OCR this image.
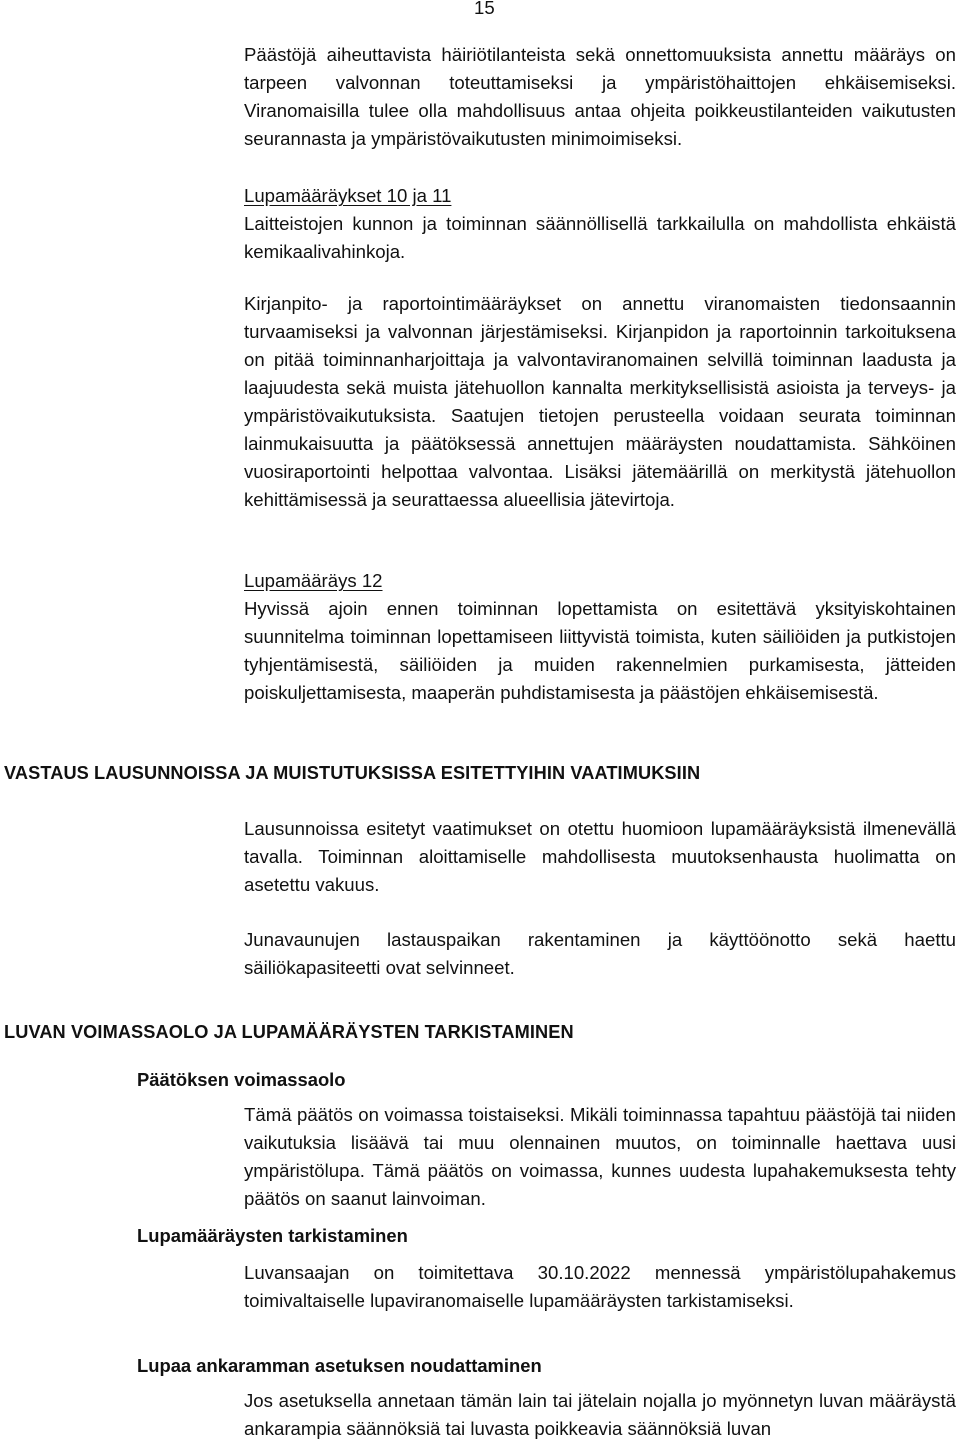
15

Päästöjä aiheuttavista häiriötilanteista sekä onnettomuuksista annettu määräys on tarpeen valvonnan toteuttamiseksi ja ympäristöhaittojen ehkäisemiseksi. Viranomaisilla tulee olla mahdollisuus antaa ohjeita poikkeustilanteiden vaikutusten seurannasta ja ympäristövaikutusten minimoimiseksi.

Lupamääräykset 10 ja 11

Laitteistojen kunnon ja toiminnan säännöllisellä tarkkailulla on mahdollista ehkäistä kemikaalivahinkoja.

Kirjanpito- ja raportointimääräykset on annettu viranomaisten tiedonsaannin turvaamiseksi ja valvonnan järjestämiseksi. Kirjanpidon ja raportoinnin tarkoituksena on pitää toiminnanharjoittaja ja valvontaviranomainen selvillä toiminnan laadusta ja laajuudesta sekä muista jätehuollon kannalta merkityksellisistä asioista ja terveys- ja ympäristövaikutuksista. Saatujen tietojen perusteella voidaan seurata toiminnan lainmukaisuutta ja päätöksessä annettujen määräysten noudattamista. Sähköinen vuosiraportointi helpottaa valvontaa. Lisäksi jätemäärillä on merkitystä jätehuollon kehittämisessä ja seurattaessa alueellisia jätevirtoja.

Lupamääräys 12

Hyvissä ajoin ennen toiminnan lopettamista on esitettävä yksityiskohtainen suunnitelma toiminnan lopettamiseen liittyvistä toimista, kuten säiliöiden ja putkistojen tyhjentämisestä, säiliöiden ja muiden rakennelmien purkamisesta, jätteiden poiskuljettamisesta, maaperän puhdistamisesta ja päästöjen ehkäisemisestä.

VASTAUS LAUSUNNOISSA JA MUISTUTUKSISSA ESITETTYIHIN VAATIMUKSIIN

Lausunnoissa esitetyt vaatimukset on otettu huomioon lupamääräyksistä ilmenevällä tavalla. Toiminnan aloittamiselle mahdollisesta muutoksenhausta huolimatta on asetettu vakuus.

Junavaunujen lastauspaikan rakentaminen ja käyttöönotto sekä haettu säiliökapasiteetti ovat selvinneet.

LUVAN VOIMASSAOLO JA LUPAMÄÄRÄYSTEN TARKISTAMINEN
Päätöksen voimassaolo

Tämä päätös on voimassa toistaiseksi. Mikäli toiminnassa tapahtuu päästöjä tai niiden vaikutuksia lisäävä tai muu olennainen muutos, on toiminnalle haettava uusi ympäristölupa. Tämä päätös on voimassa, kunnes uudesta lupahakemuksesta tehty päätös on saanut lainvoiman.

Lupamääräysten tarkistaminen

Luvansaajan on toimitettava 30.10.2022 mennessä ympäristölupahakemus toimivaltaiselle lupaviranomaiselle lupamääräysten tarkistamiseksi.

Lupaa ankaramman asetuksen noudattaminen

Jos asetuksella annetaan tämän lain tai jätelain nojalla jo myönnetyn luvan määräystä ankarampia säännöksiä tai luvasta poikkeavia säännöksiä luvan
